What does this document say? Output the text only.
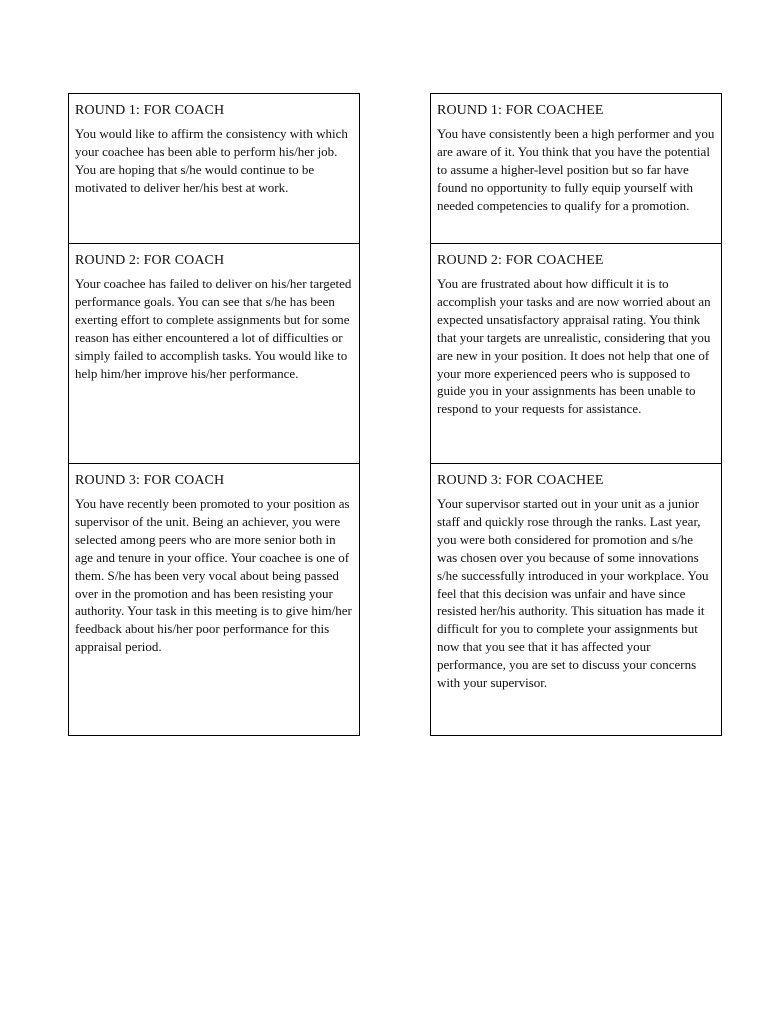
ROUND 1: FOR COACH

You would like to affirm the consistency with which your coachee has been able to perform his/her job. You are hoping that s/he would continue to be motivated to deliver her/his best at work.

ROUND 2: FOR COACH

Your coachee has failed to deliver on his/her targeted performance goals. You can see that s/he has been exerting effort to complete assignments but for some reason has either encountered a lot of difficulties or simply failed to accomplish tasks. You would like to help him/her improve his/her performance.

ROUND 3: FOR COACH

You have recently been promoted to your position as supervisor of the unit. Being an achiever, you were selected among peers who are more senior both in age and tenure in your office. Your coachee is one of them. S/he has been very vocal about being passed over in the promotion and has been resisting your authority. Your task in this meeting is to give him/her feedback about his/her poor performance for this appraisal period.

ROUND 1: FOR COACHEE

You have consistently been a high performer and you are aware of it. You think that you have the potential to assume a higher-level position but so far have found no opportunity to fully equip yourself with needed competencies to qualify for a promotion.

ROUND 2: FOR COACHEE

You are frustrated about how difficult it is to accomplish your tasks and are now worried about an expected unsatisfactory appraisal rating. You think that your targets are unrealistic, considering that you are new in your position. It does not help that one of your more experienced peers who is supposed to guide you in your assignments has been unable to respond to your requests for assistance.

ROUND 3: FOR COACHEE

Your supervisor started out in your unit as a junior staff and quickly rose through the ranks. Last year, you were both considered for promotion and s/he was chosen over you because of some innovations s/he successfully introduced in your workplace. You feel that this decision was unfair and have since resisted her/his authority. This situation has made it difficult for you to complete your assignments but now that you see that it has affected your performance, you are set to discuss your concerns with your supervisor.
